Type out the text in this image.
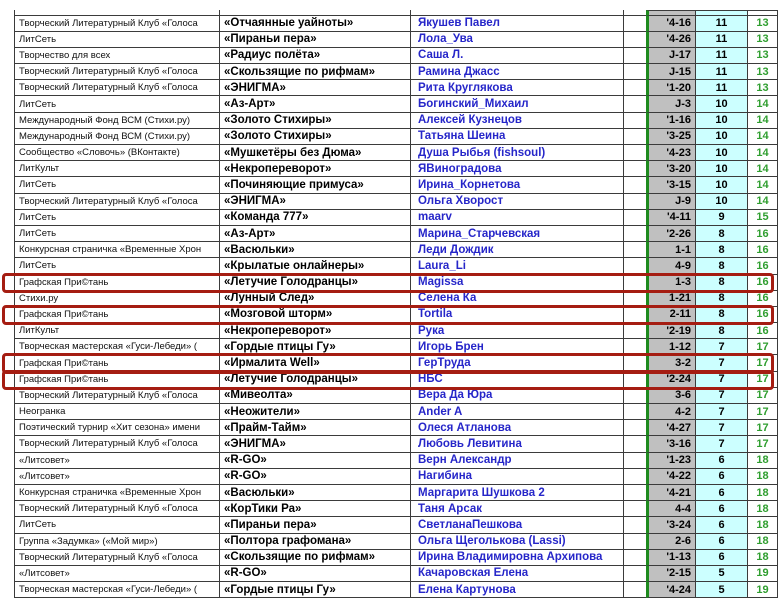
Творческий Литературный Клуб «Голоса	«Отчаянные уайноты»	Якушев Павел	'4-16	11	13
ЛитСеть	«Пираньи пера»	Лола_Ува	'4-26	11	13
Творчество для всех	«Радиус полёта»	Саша Л.	J-17	11	13
Творческий Литературный Клуб «Голоса	«Скользящие по рифмам»	Рамина Джасс	J-15	11	13
Творческий Литературный Клуб «Голоса	«ЭНИГМА»	Рита Круглякова	'1-20	11	13
ЛитСеть	«Аз-Арт»	Богинский_Михаил	J-3	10	14
Международный Фонд ВСМ (Стихи.ру)	«Золото Стихиры»	Алексей Кузнецов	'1-16	10	14
Международный Фонд ВСМ (Стихи.ру)	«Золото Стихиры»	Татьяна Шеина	'3-25	10	14
Сообщество «Словочь» (ВКонтакте)	«Мушкетёры без Дюма»	Душа Рыбья (fishsoul)	'4-23	10	14
ЛитКульт	«Некропереворот»	ЯВиноградова	'3-20	10	14
ЛитСеть	«Починяющие примуса»	Ирина_Корнетова	'3-15	10	14
Творческий Литературный Клуб «Голоса	«ЭНИГМА»	Ольга Хворост	J-9	10	14
ЛитСеть	«Команда 777»	maarv	'4-11	9	15
ЛитСеть	«Аз-Арт»	Марина_Старчевская	'2-26	8	16
Конкурсная страничка «Временные Хрон	«Васюльки»	Леди Дождик	1-1	8	16
ЛитСеть	«Крылатые онлайнеры»	Laura_Li	4-9	8	16
Графская При©тань	«Летучие Голодранцы»	Magissa	1-3	8	16
Стихи.ру	«Лунный След»	Селена Ка	1-21	8	16
Графская При©тань	«Мозговой шторм»	Tortila	2-11	8	16
ЛитКульт	«Некропереворот»	Рука	'2-19	8	16
Творческая мастерская «Гуси-Лебеди» (	«Гордые птицы Гу»	Игорь Брен	1-12	7	17
Графская При©тань	«Ирмалита Well»	ГерТруда	3-2	7	17
Графская При©тань	«Летучие Голодранцы»	НБС	'2-24	7	17
Творческий Литературный Клуб «Голоса	«Мивеолта»	Вера Да Юра	3-6	7	17
Неогранка	«Неожители»	Ander A	4-2	7	17
Поэтический турнир «Хит сезона» имени	«Прайм-Тайм»	Олеся Атланова	'4-27	7	17
Творческий Литературный Клуб «Голоса	«ЭНИГМА»	Любовь Левитина	'3-16	7	17
«Литсовет»	«R-GO»	Верн Александр	'1-23	6	18
«Литсовет»	«R-GO»	Нагибина	'4-22	6	18
Конкурсная страничка «Временные Хрон	«Васюльки»	Маргарита Шушкова 2	'4-21	6	18
Творческий Литературный Клуб «Голоса	«КорТики Ра»	Таня Арсак	4-4	6	18
ЛитСеть	«Пираньи пера»	СветланаПешкова	'3-24	6	18
Группа «Задумка» («Мой мир»)	«Полтора графомана»	Ольга Щеголькова (Lassi)	2-6	6	18
Творческий Литературный Клуб «Голоса	«Скользящие по рифмам»	Ирина Владимировна Архипова	'1-13	6	18
«Литсовет»	«R-GO»	Качаровская Елена	'2-15	5	19
Творческая мастерская «Гуси-Лебеди» (	«Гордые птицы Гу»	Елена Картунова	'4-24	5	19
